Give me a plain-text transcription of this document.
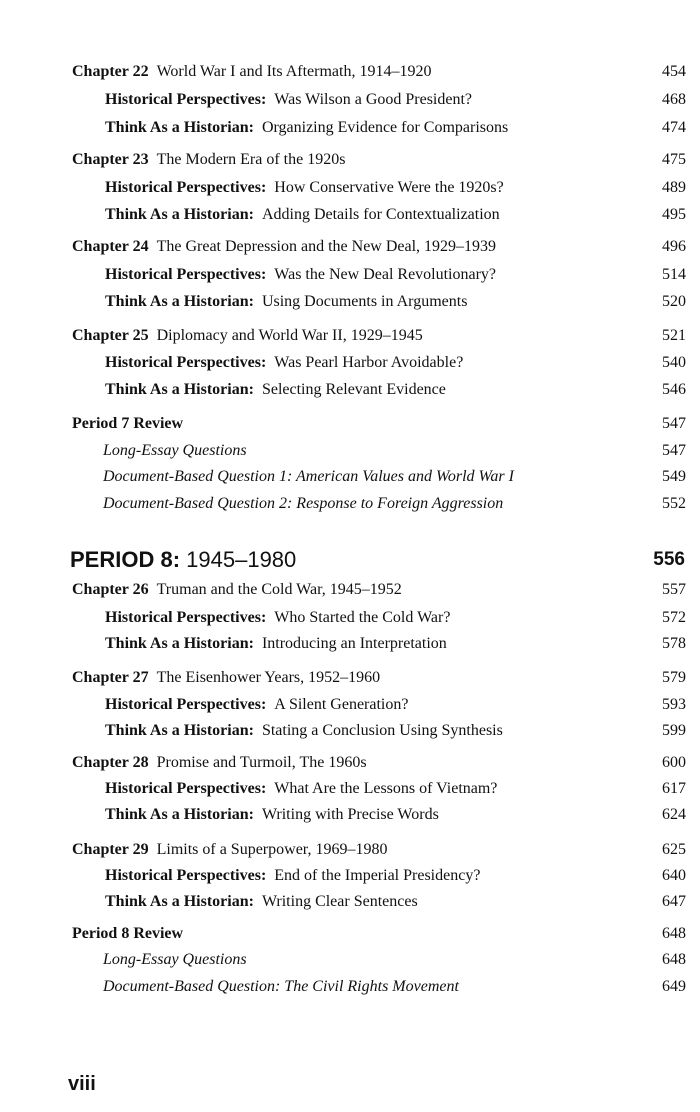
Chapter 22 World War I and Its Aftermath, 1914–1920	454
Historical Perspectives: Was Wilson a Good President?	468
Think As a Historian: Organizing Evidence for Comparisons	474
Chapter 23 The Modern Era of the 1920s	475
Historical Perspectives: How Conservative Were the 1920s?	489
Think As a Historian: Adding Details for Contextualization	495
Chapter 24 The Great Depression and the New Deal, 1929–1939	496
Historical Perspectives: Was the New Deal Revolutionary?	514
Think As a Historian: Using Documents in Arguments	520
Chapter 25 Diplomacy and World War II, 1929–1945	521
Historical Perspectives: Was Pearl Harbor Avoidable?	540
Think As a Historian: Selecting Relevant Evidence	546
Period 7 Review	547
Long-Essay Questions	547
Document-Based Question 1: American Values and World War I	549
Document-Based Question 2: Response to Foreign Aggression	552
PERIOD 8: 1945–1980	556
Chapter 26 Truman and the Cold War, 1945–1952	557
Historical Perspectives: Who Started the Cold War?	572
Think As a Historian: Introducing an Interpretation	578
Chapter 27 The Eisenhower Years, 1952–1960	579
Historical Perspectives: A Silent Generation?	593
Think As a Historian: Stating a Conclusion Using Synthesis	599
Chapter 28 Promise and Turmoil, The 1960s	600
Historical Perspectives: What Are the Lessons of Vietnam?	617
Think As a Historian: Writing with Precise Words	624
Chapter 29 Limits of a Superpower, 1969–1980	625
Historical Perspectives: End of the Imperial Presidency?	640
Think As a Historian: Writing Clear Sentences	647
Period 8 Review	648
Long-Essay Questions	648
Document-Based Question: The Civil Rights Movement	649
viii
